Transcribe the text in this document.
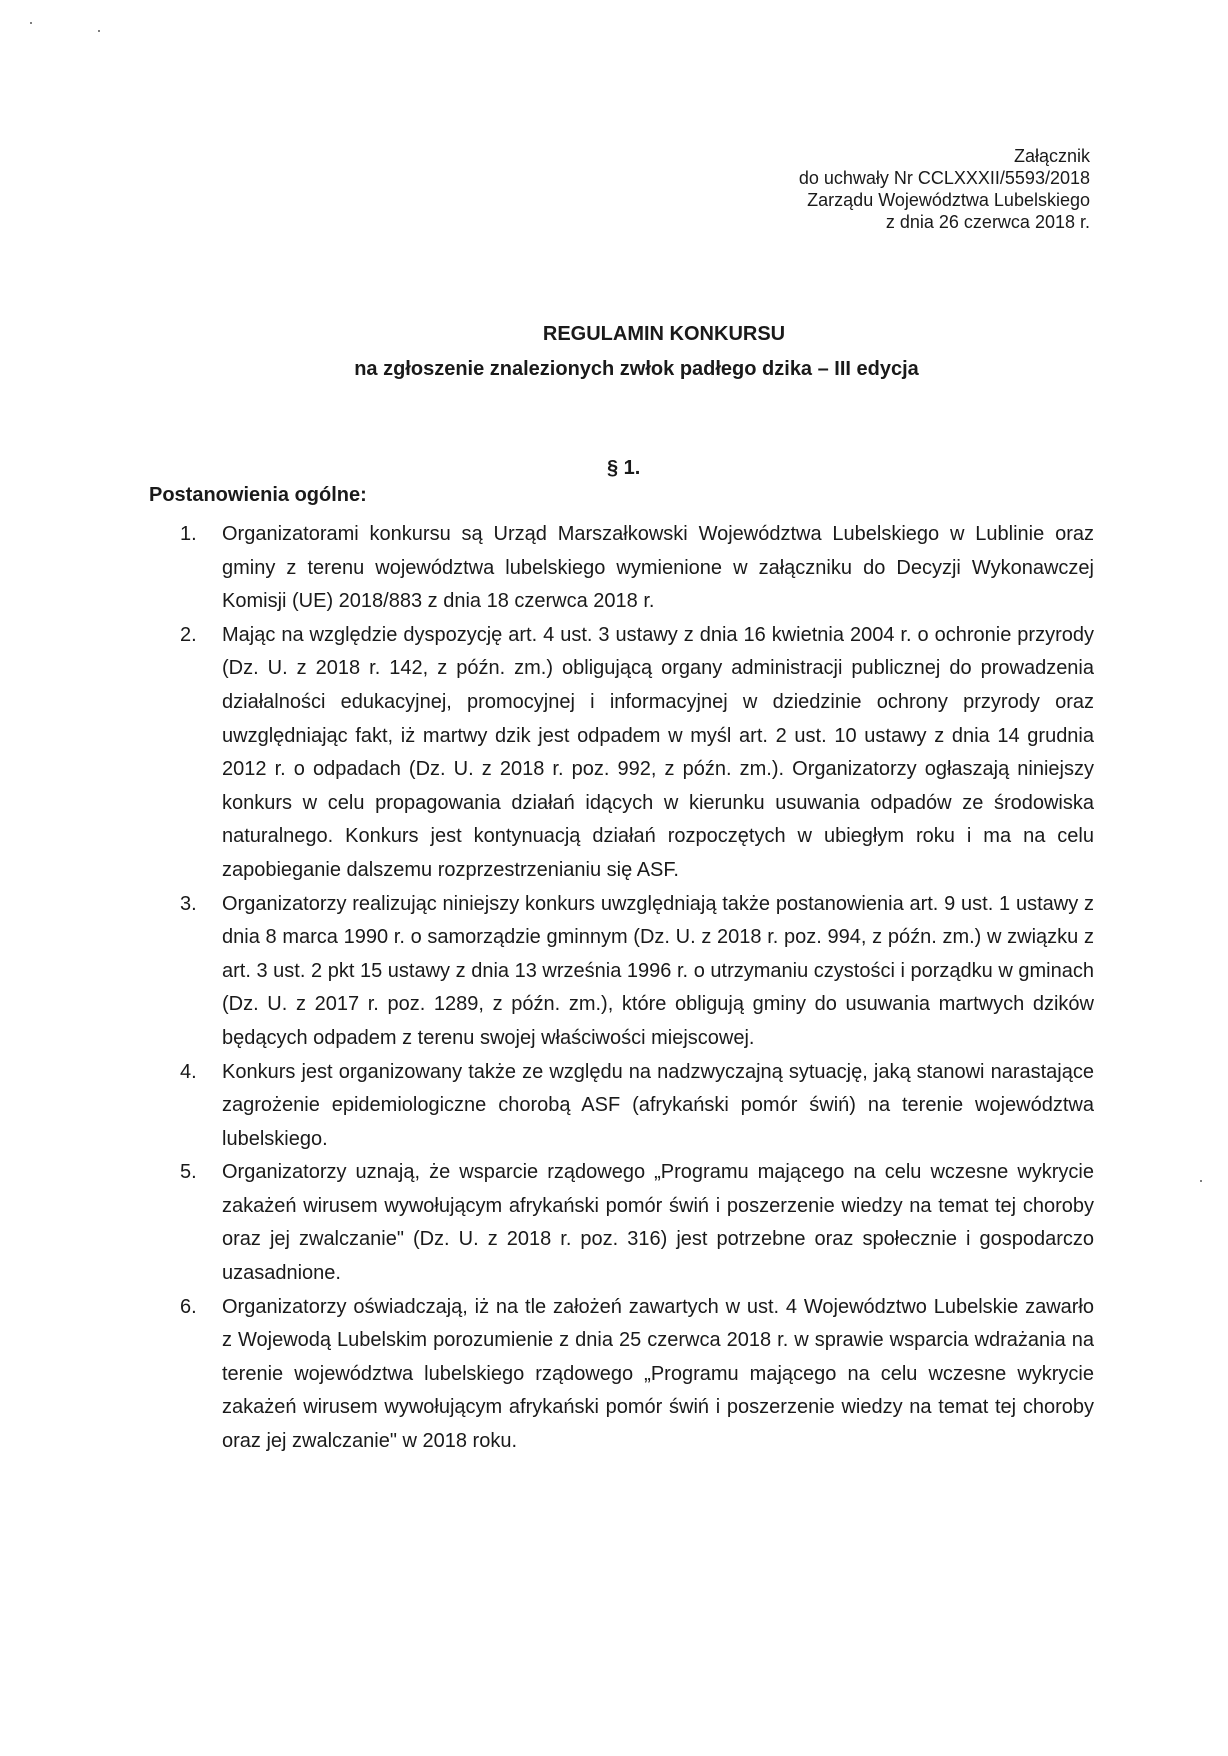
Załącznik
do uchwały Nr CCLXXXII/5593/2018
Zarządu Województwa Lubelskiego
z dnia 26 czerwca 2018 r.
REGULAMIN KONKURSU
na zgłoszenie znalezionych zwłok padłego dzika – III edycja
§ 1.
Postanowienia ogólne:
1. Organizatorami konkursu są Urząd Marszałkowski Województwa Lubelskiego w Lublinie oraz gminy z terenu województwa lubelskiego wymienione w załączniku do Decyzji Wykonawczej Komisji (UE) 2018/883 z dnia 18 czerwca 2018 r.
2. Mając na względzie dyspozycję art. 4 ust. 3 ustawy z dnia 16 kwietnia 2004 r. o ochronie przyrody (Dz. U. z 2018 r. 142, z późn. zm.) obligującą organy administracji publicznej do prowadzenia działalności edukacyjnej, promocyjnej i informacyjnej w dziedzinie ochrony przyrody oraz uwzględniając fakt, iż martwy dzik jest odpadem w myśl art. 2 ust. 10 ustawy z dnia 14 grudnia 2012 r. o odpadach (Dz. U. z 2018 r. poz. 992, z późn. zm.). Organizatorzy ogłaszają niniejszy konkurs w celu propagowania działań idących w kierunku usuwania odpadów ze środowiska naturalnego. Konkurs jest kontynuacją działań rozpoczętych w ubiegłym roku i ma na celu zapobieganie dalszemu rozprzestrzenianiu się ASF.
3. Organizatorzy realizując niniejszy konkurs uwzględniają także postanowienia art. 9 ust. 1 ustawy z dnia 8 marca 1990 r. o samorządzie gminnym (Dz. U. z 2018 r. poz. 994, z późn. zm.) w związku z art. 3 ust. 2 pkt 15 ustawy z dnia 13 września 1996 r. o utrzymaniu czystości i porządku w gminach (Dz. U. z 2017 r. poz. 1289, z późn. zm.), które obligują gminy do usuwania martwych dzików będących odpadem z terenu swojej właściwości miejscowej.
4. Konkurs jest organizowany także ze względu na nadzwyczajną sytuację, jaką stanowi narastające zagrożenie epidemiologiczne chorobą ASF (afrykański pomór świń) na terenie województwa lubelskiego.
5. Organizatorzy uznają, że wsparcie rządowego „Programu mającego na celu wczesne wykrycie zakażeń wirusem wywołującym afrykański pomór świń i poszerzenie wiedzy na temat tej choroby oraz jej zwalczanie" (Dz. U. z 2018 r. poz. 316) jest potrzebne oraz społecznie i gospodarczo uzasadnione.
6. Organizatorzy oświadczają, iż na tle założeń zawartych w ust. 4 Województwo Lubelskie zawarło z Wojewodą Lubelskim porozumienie z dnia 25 czerwca 2018 r. w sprawie wsparcia wdrażania na terenie województwa lubelskiego rządowego „Programu mającego na celu wczesne wykrycie zakażeń wirusem wywołującym afrykański pomór świń i poszerzenie wiedzy na temat tej choroby oraz jej zwalczanie" w 2018 roku.
